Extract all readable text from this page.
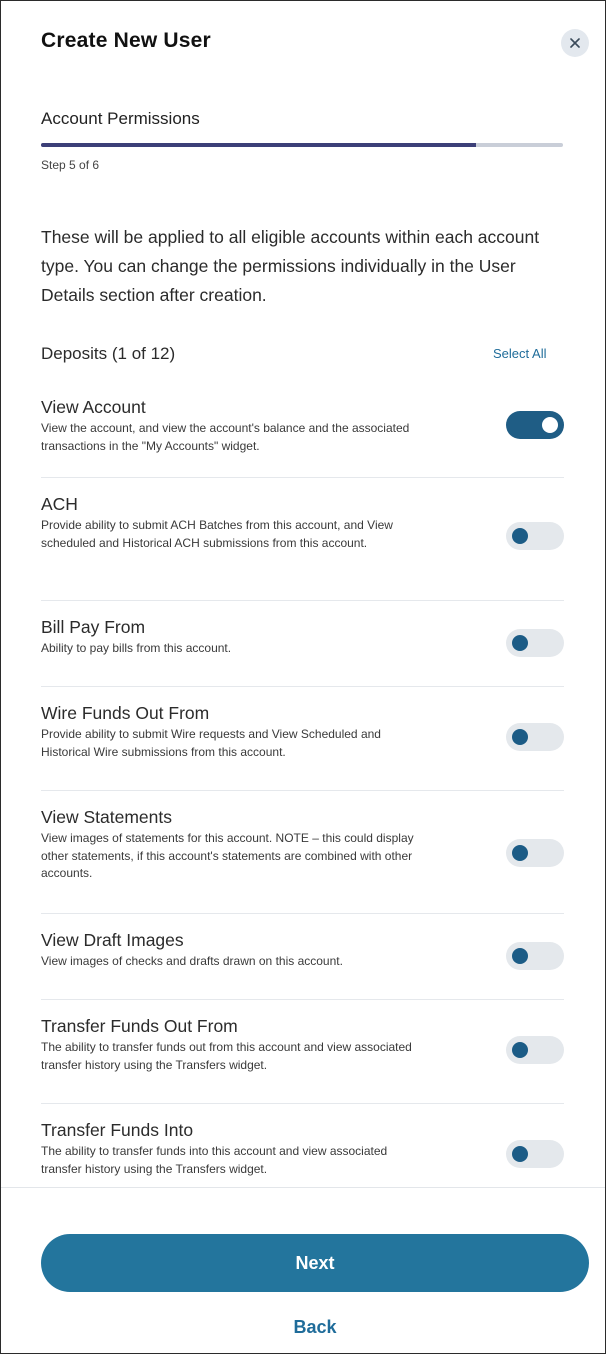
Create New User
Account Permissions
Step 5 of 6
These will be applied to all eligible accounts within each account type. You can change the permissions individually in the User Details section after creation.
Deposits (1 of 12)	Select All
View Account
View the account, and view the account's balance and the associated transactions in the "My Accounts" widget.
ACH
Provide ability to submit ACH Batches from this account, and View scheduled and Historical ACH submissions from this account.
Bill Pay From
Ability to pay bills from this account.
Wire Funds Out From
Provide ability to submit Wire requests and View Scheduled and Historical Wire submissions from this account.
View Statements
View images of statements for this account. NOTE – this could display other statements, if this account's statements are combined with other accounts.
View Draft Images
View images of checks and drafts drawn on this account.
Transfer Funds Out From
The ability to transfer funds out from this account and view associated transfer history using the Transfers widget.
Transfer Funds Into
The ability to transfer funds into this account and view associated transfer history using the Transfers widget.
Next
Back
